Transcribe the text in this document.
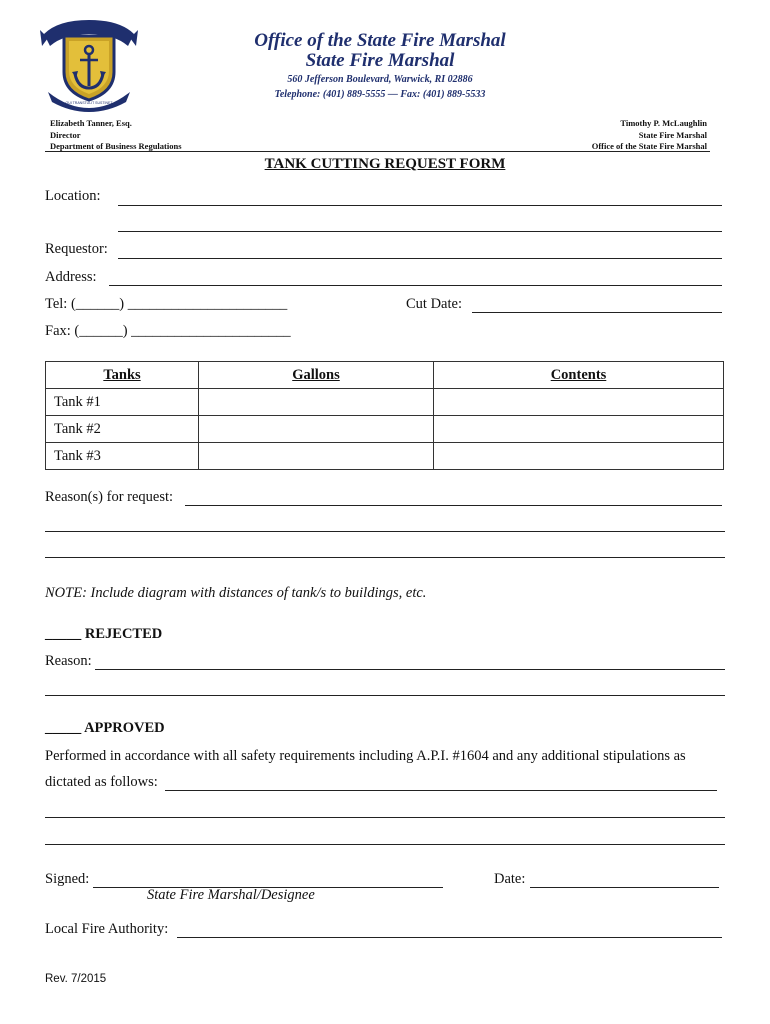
SIGILLUM
QUI TRANSTULIT SUSTINET
Office of the State Fire Marshal
State Fire Marshal
560 Jefferson Boulevard, Warwick, RI 02886
Telephone: (401) 889-5555 — Fax: (401) 889-5533
Elizabeth Tanner, Esq.
Director
Department of Business Regulations
Timothy P. McLaughlin
State Fire Marshal
Office of the State Fire Marshal
TANK CUTTING REQUEST FORM
Location:
Requestor:
Address:
Tel: (______) ______________________	Cut Date:
Fax: (______) ______________________
Tanks	Gallons	Contents
Tank #1		
Tank #2		
Tank #3		
Reason(s) for request:
NOTE: Include diagram with distances of tank/s to buildings, etc.
_____ REJECTED
Reason:
_____ APPROVED
Performed in accordance with all safety requirements including A.P.I. #1604 and any additional stipulations as
dictated as follows:
Signed:
State Fire Marshal/Designee
Date:
Local Fire Authority:
Rev. 7/2015
